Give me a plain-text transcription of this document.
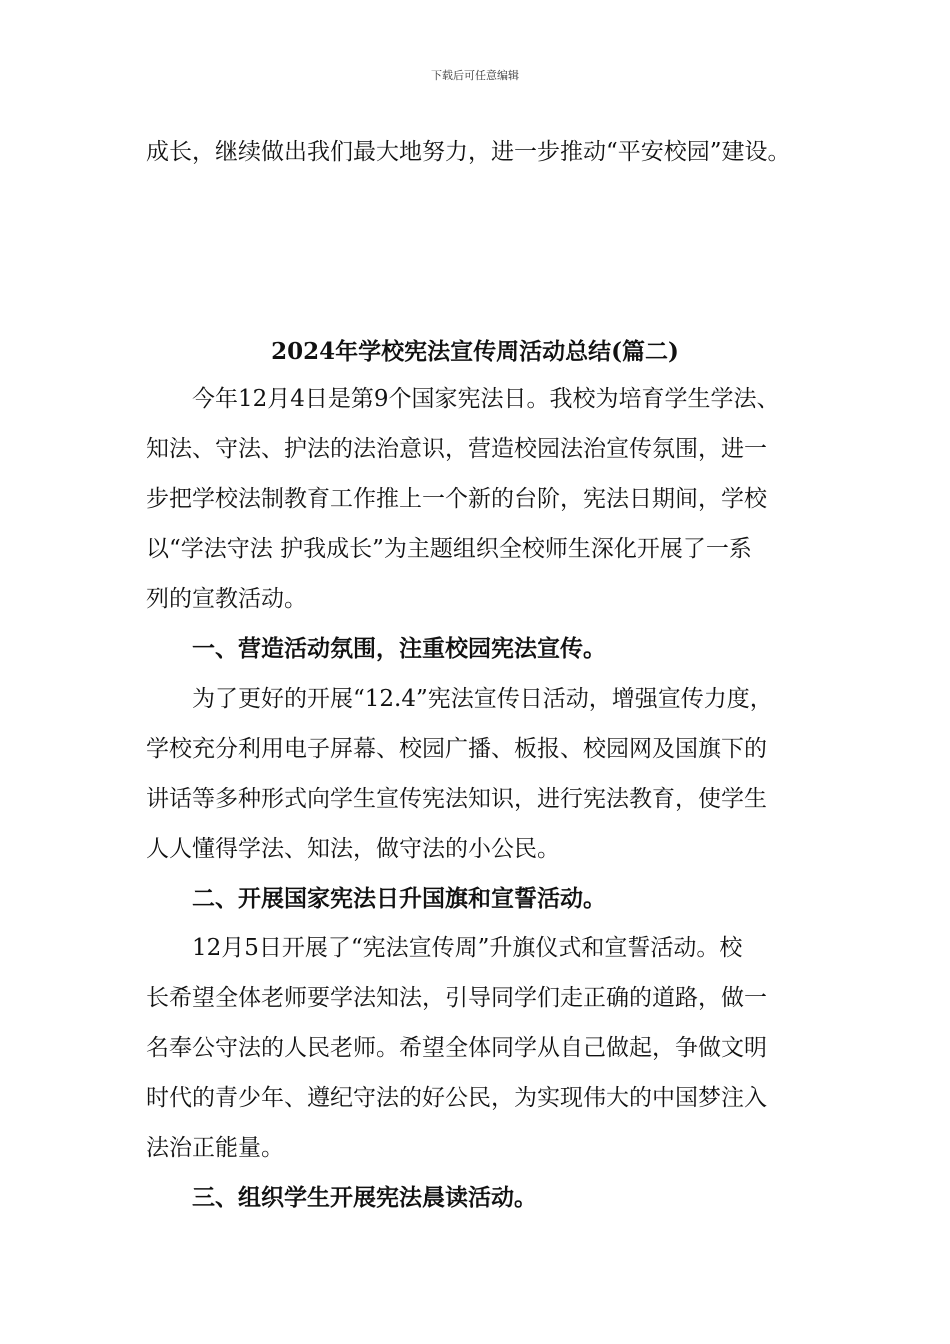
下载后可任意编辑
成长，继续做出我们最大地努力，进一步推动“平安校园”建设。
2024年学校宪法宣传周活动总结(篇二)
今年12月4日是第9个国家宪法日。我校为培育学生学法、
知法、守法、护法的法治意识，营造校园法治宣传氛围，进一
步把学校法制教育工作推上一个新的台阶，宪法日期间，学校
以“学法守法 护我成长”为主题组织全校师生深化开展了一系
列的宣教活动。
一、营造活动氛围，注重校园宪法宣传。
为了更好的开展“12.4”宪法宣传日活动，增强宣传力度，
学校充分利用电子屏幕、校园广播、板报、校园网及国旗下的
讲话等多种形式向学生宣传宪法知识，进行宪法教育，使学生
人人懂得学法、知法，做守法的小公民。
二、开展国家宪法日升国旗和宣誓活动。
12月5日开展了“宪法宣传周”升旗仪式和宣誓活动。校
长希望全体老师要学法知法，引导同学们走正确的道路，做一
名奉公守法的人民老师。希望全体同学从自己做起，争做文明
时代的青少年、遵纪守法的好公民，为实现伟大的中国梦注入
法治正能量。
三、组织学生开展宪法晨读活动。
